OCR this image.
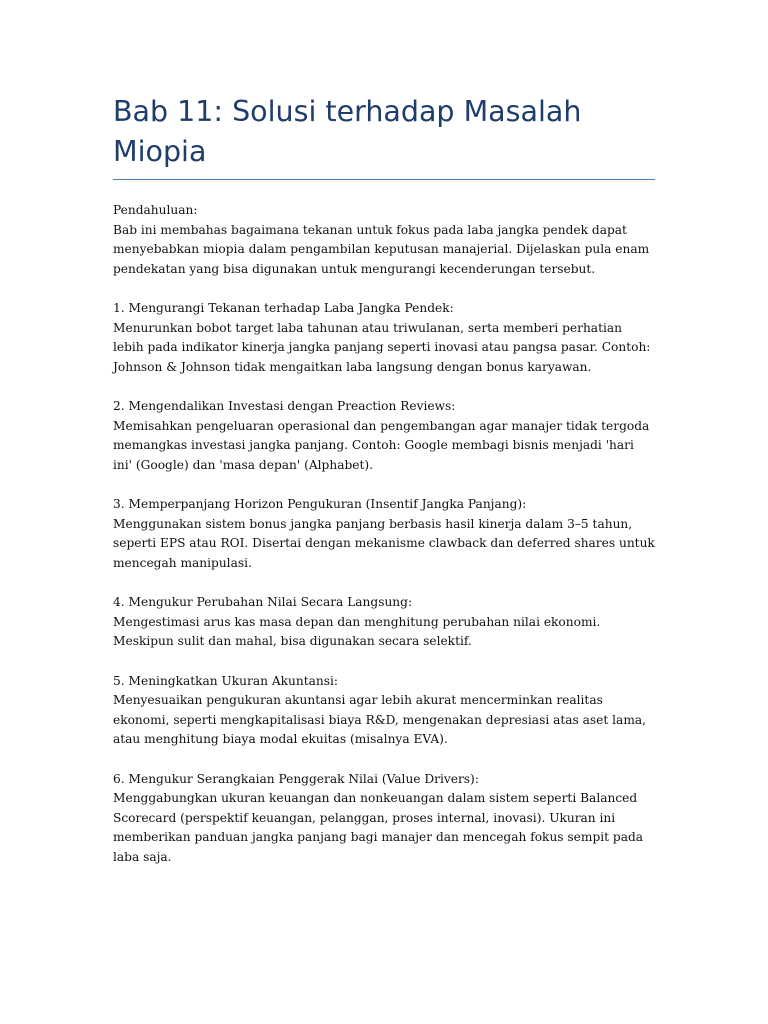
Bab 11: Solusi terhadap Masalah Miopia

Pendahuluan:
Bab ini membahas bagaimana tekanan untuk fokus pada laba jangka pendek dapat menyebabkan miopia dalam pengambilan keputusan manajerial. Dijelaskan pula enam pendekatan yang bisa digunakan untuk mengurangi kecenderungan tersebut.

1. Mengurangi Tekanan terhadap Laba Jangka Pendek:
Menurunkan bobot target laba tahunan atau triwulanan, serta memberi perhatian lebih pada indikator kinerja jangka panjang seperti inovasi atau pangsa pasar. Contoh: Johnson & Johnson tidak mengaitkan laba langsung dengan bonus karyawan.

2. Mengendalikan Investasi dengan Preaction Reviews:
Memisahkan pengeluaran operasional dan pengembangan agar manajer tidak tergoda memangkas investasi jangka panjang. Contoh: Google membagi bisnis menjadi 'hari ini' (Google) dan 'masa depan' (Alphabet).

3. Memperpanjang Horizon Pengukuran (Insentif Jangka Panjang):
Menggunakan sistem bonus jangka panjang berbasis hasil kinerja dalam 3–5 tahun, seperti EPS atau ROI. Disertai dengan mekanisme clawback dan deferred shares untuk mencegah manipulasi.

4. Mengukur Perubahan Nilai Secara Langsung:
Mengestimasi arus kas masa depan dan menghitung perubahan nilai ekonomi. Meskipun sulit dan mahal, bisa digunakan secara selektif.

5. Meningkatkan Ukuran Akuntansi:
Menyesuaikan pengukuran akuntansi agar lebih akurat mencerminkan realitas ekonomi, seperti mengkapitalisasi biaya R&D, mengenakan depresiasi atas aset lama, atau menghitung biaya modal ekuitas (misalnya EVA).

6. Mengukur Serangkaian Penggerak Nilai (Value Drivers):
Menggabungkan ukuran keuangan dan nonkeuangan dalam sistem seperti Balanced Scorecard (perspektif keuangan, pelanggan, proses internal, inovasi). Ukuran ini memberikan panduan jangka panjang bagi manajer dan mencegah fokus sempit pada laba saja.
